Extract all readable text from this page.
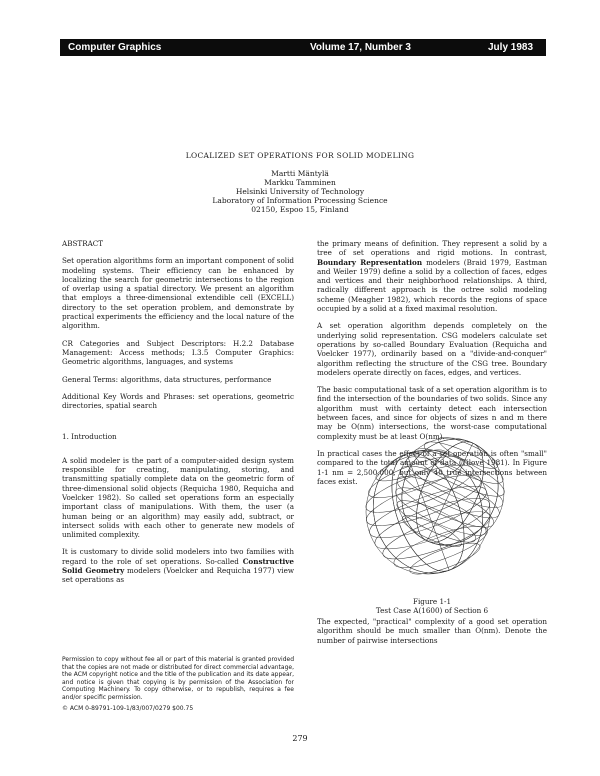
Computer Graphics	Volume 17, Number 3	July 1983
LOCALIZED SET OPERATIONS FOR SOLID MODELING
Martti Mäntylä
Markku Tamminen
Helsinki University of Technology
Laboratory of Information Processing Science
02150, Espoo 15, Finland
ABSTRACT

Set operation algorithms form an important component of solid modeling systems. Their efficiency can be enhanced by localizing the search for geometric intersections to the region of overlap using a spatial directory. We present an algorithm that employs a three-dimensional extendible cell (EXCELL) directory to the set operation problem, and demonstrate by practical experiments the efficiency and the local nature of the algorithm.

CR Categories and Subject Descriptors: H.2.2 Database Management: Access methods; I.3.5 Computer Graphics: Geometric algorithms, languages, and systems

General Terms: algorithms, data structures, performance

Additional Key Words and Phrases: set operations, geometric directories, spatial search

1. Introduction

A solid modeler is the part of a computer-aided design system responsible for creating, manipulating, storing, and transmitting spatially complete data on the geometric form of three-dimensional solid objects (Requicha 1980, Requicha and Voelcker 1982). So called set operations form an especially important class of manipulations. With them, the user (a human being or an algorithm) may easily add, subtract, or intersect solids with each other to generate new models of unlimited complexity.

It is customary to divide solid modelers into two families with regard to the role of set operations. So-called Constructive Solid Geometry modelers (Voelcker and Requicha 1977) view set operations as

the primary means of definition. They represent a solid by a tree of set operations and rigid motions. In contrast, Boundary Representation modelers (Braid 1979, Eastman and Weiler 1979) define a solid by a collection of faces, edges and vertices and their neighborhood relationships. A third, radically different approach is the octree solid modeling scheme (Meagher 1982), which records the regions of space occupied by a solid at a fixed maximal resolution.

A set operation algorithm depends completely on the underlying solid representation. CSG modelers calculate set operations by so-called Boundary Evaluation (Requicha and Voelcker 1977), ordinarily based on a "divide-and-conquer" algorithm reflecting the structure of the CSG tree. Boundary modelers operate directly on faces, edges, and vertices.

The basic computational task of a set operation algorithm is to find the intersection of the boundaries of two solids. Since any algorithm must with certainty detect each intersection between faces, and since for objects of sizes n and m there may be O(nm) intersections, the worst-case computational complexity must be at least O(nm).

In practical cases the effect of a set operation is often "small" compared to the total amount of data (Tilove 1981). In Figure 1-1 nm = 2,500,000, but only 40 true intersections between faces exist.

Figure 1-1
Test Case A(1600) of Section 6
The expected, "practical" complexity of a good set operation algorithm should be much smaller than O(nm). Denote the number of pairwise intersections
Permission to copy without fee all or part of this material is granted provided that the copies are not made or distributed for direct commercial advantage, the ACM copyright notice and the title of the publication and its date appear, and notice is given that copying is by permission of the Association for Computing Machinery. To copy otherwise, or to republish, requires a fee and/or specific permission.
© ACM 0-89791-109-1/83/007/0279 $00.75
279
